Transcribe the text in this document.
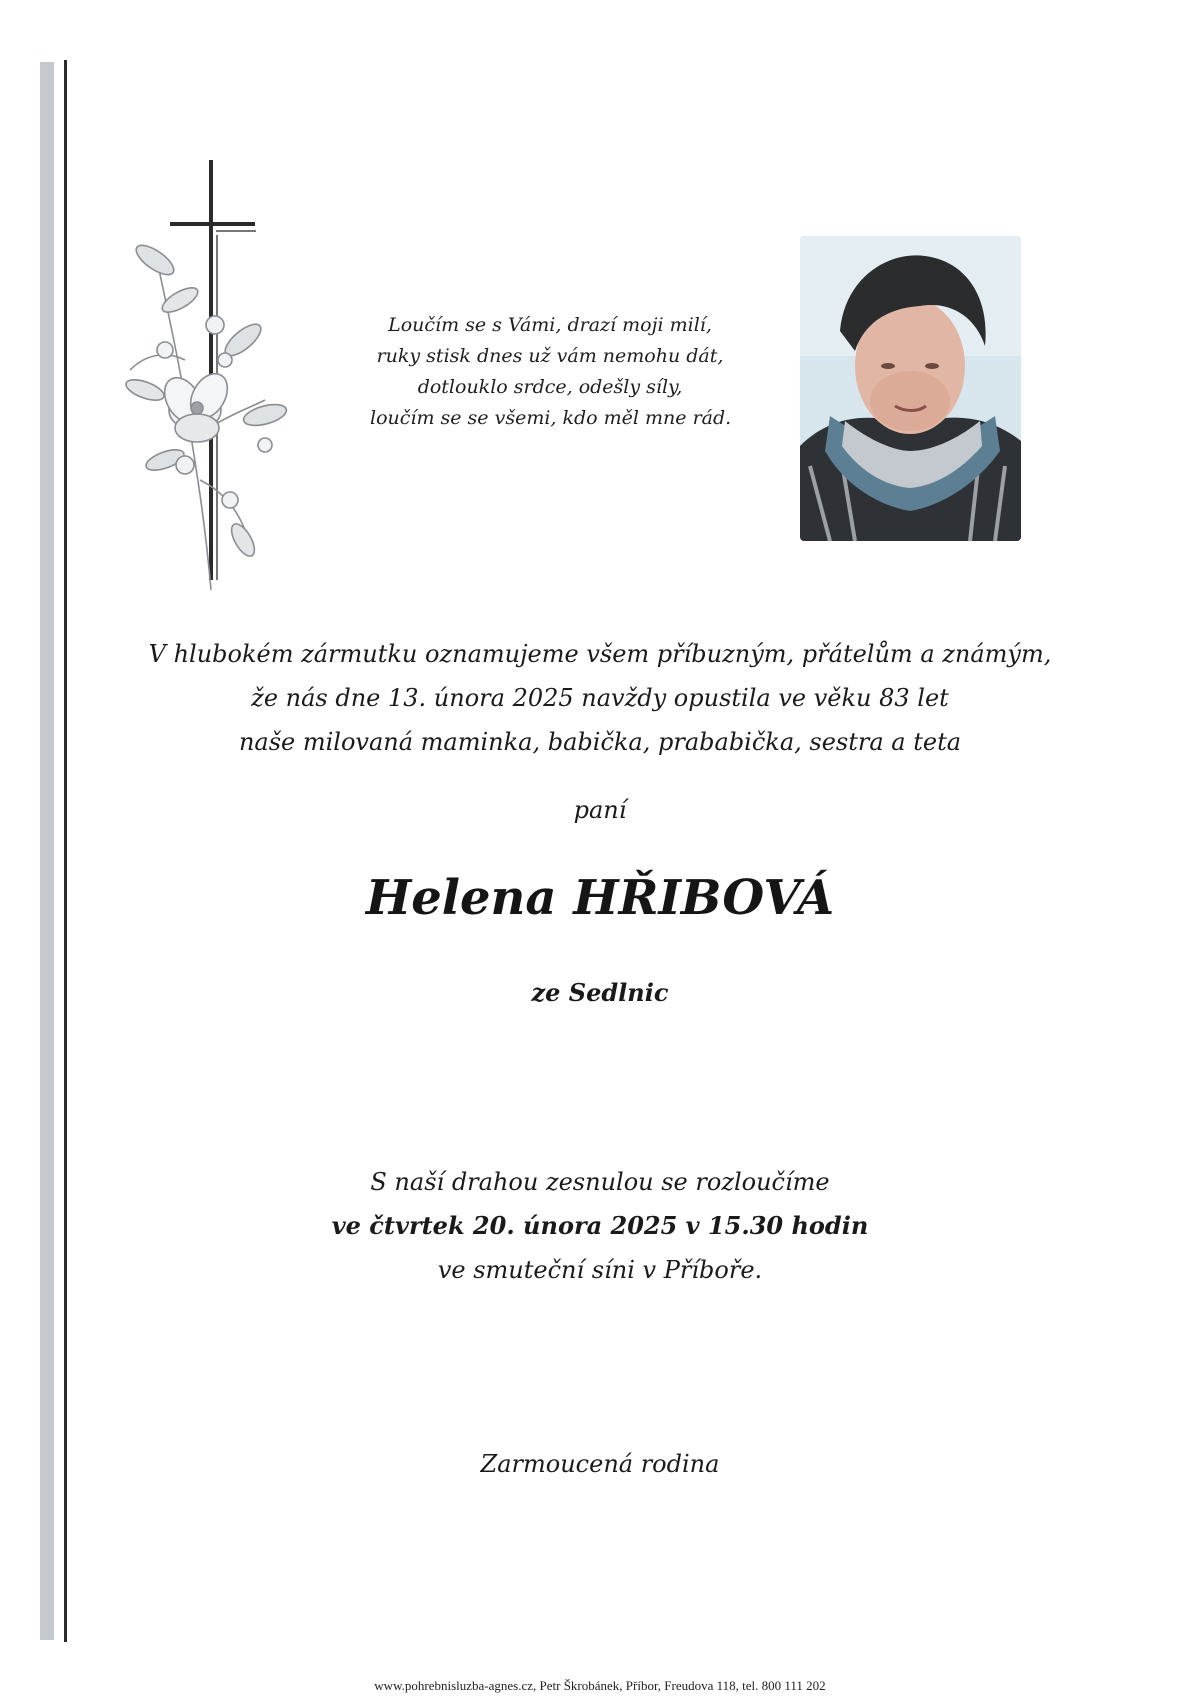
Loučím se s Vámi, drazí moji milí,
ruky stisk dnes už vám nemohu dát,
dotlouklo srdce, odešly síly,
loučím se se všemi, kdo měl mne rád.
V hlubokém zármutku oznamujeme všem příbuzným, přátelům a známým,
že nás dne 13. února 2025 navždy opustila ve věku 83 let
naše milovaná maminka, babička, prababička, sestra a teta
paní
Helena HŘIBOVÁ
ze Sedlnic
S naší drahou zesnulou se rozloučíme
ve čtvrtek 20. února 2025 v 15.30 hodin
ve smuteční síni v Příboře.
Zarmoucená rodina
www.pohrebnisluzba-agnes.cz, Petr Škrobánek, Příbor, Freudova 118, tel. 800 111 202
